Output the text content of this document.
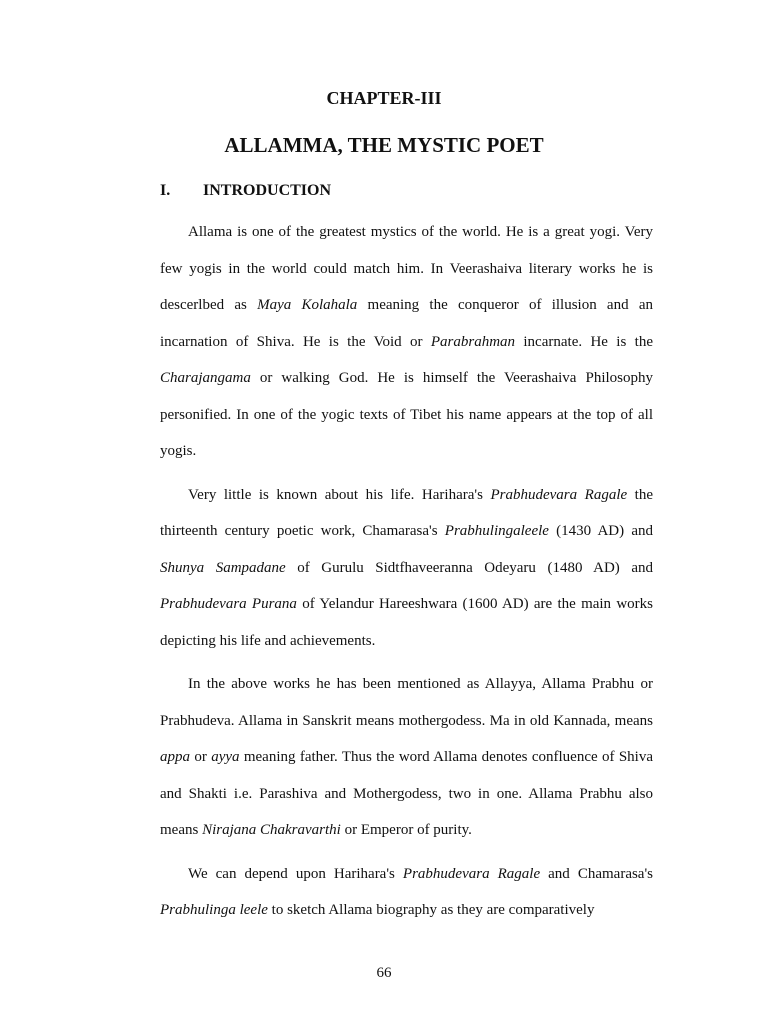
CHAPTER-III
ALLAMMA, THE MYSTIC POET
I. INTRODUCTION

Allama is one of the greatest mystics of the world. He is a great yogi. Very few yogis in the world could match him. In Veerashaiva literary works he is descerlbed as Maya Kolahala meaning the conqueror of illusion and an incarnation of Shiva. He is the Void or Parabrahman incarnate. He is the Charajangama or walking God. He is himself the Veerashaiva Philosophy personified. In one of the yogic texts of Tibet his name appears at the top of all yogis.

Very little is known about his life. Harihara's Prabhudevara Ragale the thirteenth century poetic work, Chamarasa's Prabhulingaleele (1430 AD) and Shunya Sampadane of Gurulu Sidtfhaveeranna Odeyaru (1480 AD) and Prabhudevara Purana of Yelandur Hareeshwara (1600 AD) are the main works depicting his life and achievements.

In the above works he has been mentioned as Allayya, Allama Prabhu or Prabhudeva. Allama in Sanskrit means mothergodess. Ma in old Kannada, means appa or ayya meaning father. Thus the word Allama denotes confluence of Shiva and Shakti i.e. Parashiva and Mothergodess, two in one. Allama Prabhu also means Nirajana Chakravarthi or Emperor of purity.

We can depend upon Harihara's Prabhudevara Ragale and Chamarasa's Prabhulinga leele to sketch Allama biography as they are comparatively

66
